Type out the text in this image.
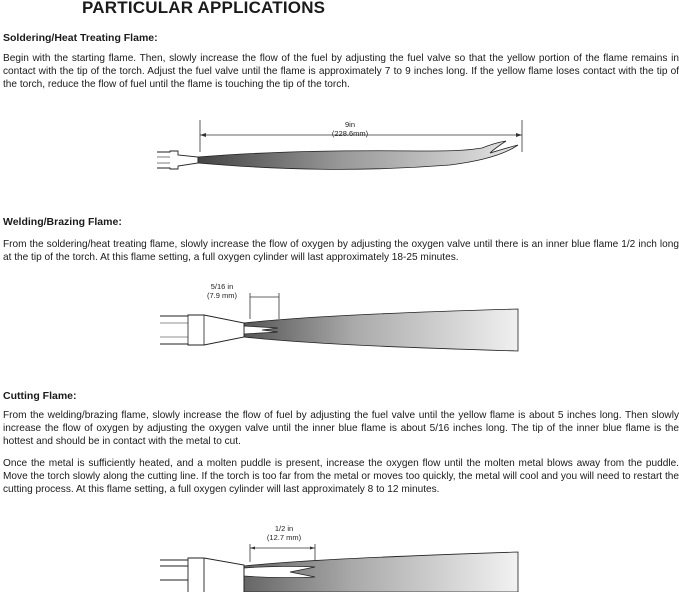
PARTICULAR APPLICATIONS
Soldering/Heat Treating Flame:

Begin with the starting flame. Then, slowly increase the flow of the fuel by adjusting the fuel valve so that the yellow portion of the flame remains in contact with the tip of the torch. Adjust the fuel valve until the flame is approximately 7 to 9 inches long. If the yellow flame loses contact with the tip of the torch, reduce the flow of fuel until the flame is touching the tip of the torch.

9in
(228.6mm)
Welding/Brazing Flame:

From the soldering/heat treating flame, slowly increase the flow of oxygen by adjusting the oxygen valve until there is an inner blue flame 1/2 inch long at the tip of the torch. At this flame setting, a full oxygen cylinder will last approximately 18-25 minutes.

5/16 in
(7.9 mm)
Cutting Flame:

From the welding/brazing flame, slowly increase the flow of fuel by adjusting the fuel valve until the yellow flame is about 5 inches long. Then slowly increase the flow of oxygen by adjusting the oxygen valve until the inner blue flame is about 5/16 inches long. The tip of the inner blue flame is the hottest and should be in contact with the metal to cut.

Once the metal is sufficiently heated, and a molten puddle is present, increase the oxygen flow until the molten metal blows away from the puddle. Move the torch slowly along the cutting line. If the torch is too far from the metal or moves too quickly, the metal will cool and you will need to restart the cutting process. At this flame setting, a full oxygen cylinder will last approximately 8 to 12 minutes.

1/2 in
(12.7 mm)
